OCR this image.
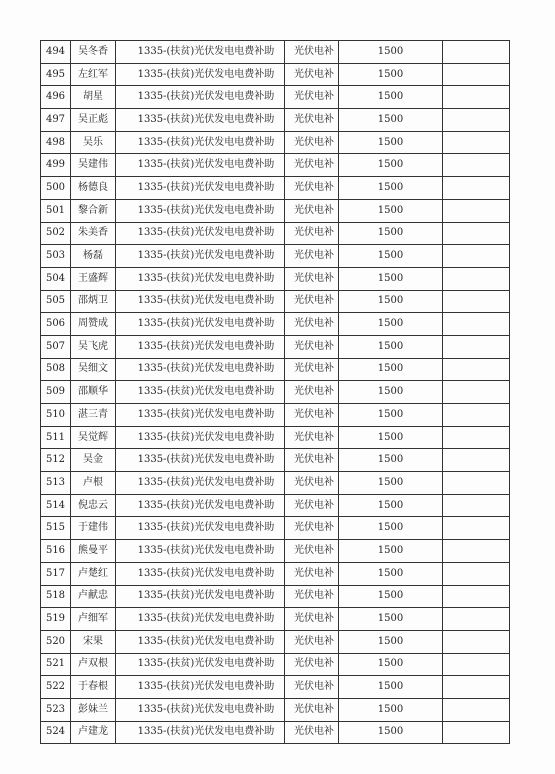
494	吴冬香	1335-(扶贫)光伏发电电费补助	光伏电补	1500	
495	左红军	1335-(扶贫)光伏发电电费补助	光伏电补	1500	
496	胡星	1335-(扶贫)光伏发电电费补助	光伏电补	1500	
497	吴正彪	1335-(扶贫)光伏发电电费补助	光伏电补	1500	
498	吴乐	1335-(扶贫)光伏发电电费补助	光伏电补	1500	
499	吴建伟	1335-(扶贫)光伏发电电费补助	光伏电补	1500	
500	杨德良	1335-(扶贫)光伏发电电费补助	光伏电补	1500	
501	黎合新	1335-(扶贫)光伏发电电费补助	光伏电补	1500	
502	朱美香	1335-(扶贫)光伏发电电费补助	光伏电补	1500	
503	杨磊	1335-(扶贫)光伏发电电费补助	光伏电补	1500	
504	王盛辉	1335-(扶贫)光伏发电电费补助	光伏电补	1500	
505	邵炳卫	1335-(扶贫)光伏发电电费补助	光伏电补	1500	
506	周赞成	1335-(扶贫)光伏发电电费补助	光伏电补	1500	
507	吴飞虎	1335-(扶贫)光伏发电电费补助	光伏电补	1500	
508	吴细文	1335-(扶贫)光伏发电电费补助	光伏电补	1500	
509	邵顺华	1335-(扶贫)光伏发电电费补助	光伏电补	1500	
510	湛三青	1335-(扶贫)光伏发电电费补助	光伏电补	1500	
511	吴觉辉	1335-(扶贫)光伏发电电费补助	光伏电补	1500	
512	吴金	1335-(扶贫)光伏发电电费补助	光伏电补	1500	
513	卢根	1335-(扶贫)光伏发电电费补助	光伏电补	1500	
514	倪忠云	1335-(扶贫)光伏发电电费补助	光伏电补	1500	
515	于建伟	1335-(扶贫)光伏发电电费补助	光伏电补	1500	
516	熊曼平	1335-(扶贫)光伏发电电费补助	光伏电补	1500	
517	卢楚红	1335-(扶贫)光伏发电电费补助	光伏电补	1500	
518	卢献忠	1335-(扶贫)光伏发电电费补助	光伏电补	1500	
519	卢细军	1335-(扶贫)光伏发电电费补助	光伏电补	1500	
520	宋果	1335-(扶贫)光伏发电电费补助	光伏电补	1500	
521	卢双根	1335-(扶贫)光伏发电电费补助	光伏电补	1500	
522	于春根	1335-(扶贫)光伏发电电费补助	光伏电补	1500	
523	彭妹兰	1335-(扶贫)光伏发电电费补助	光伏电补	1500	
524	卢建龙	1335-(扶贫)光伏发电电费补助	光伏电补	1500	
